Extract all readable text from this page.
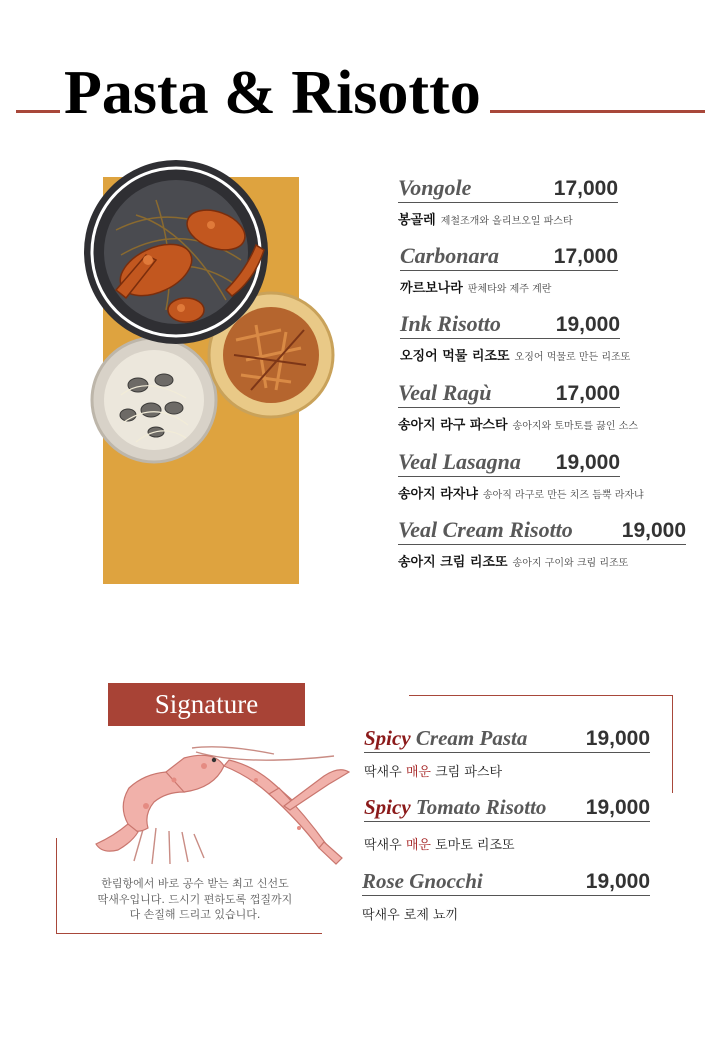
Pasta & Risotto
Vongole	17,000
봉골레 제철조개와 올리브오일 파스타
Carbonara	17,000
까르보나라 판체타와 제주 계란
Ink Risotto	19,000
오징어 먹물 리조또 오징어 먹물로 만든 리조또
Veal Ragù	17,000
송아지 라구 파스타 송아지와 토마토를 끓인 소스
Veal Lasagna 19,000
송아지 라자냐 송아직 라구로 만든 치즈 듬뿍 라자냐
Veal Cream Risotto 19,000
송아지 크림 리조또 송아지 구이와 크림 리조또
Signature
한림항에서 바로 공수 받는 최고 신선도
딱새우입니다. 드시기 편하도록 껍질까지
다 손질해 드리고 있습니다.
Spicy Cream Pasta	19,000
딱새우 매운 크림 파스타
Spicy Tomato Risotto 19,000
딱새우 매운 토마토 리조또
Rose Gnocchi	19,000
딱새우 로제 뇨끼
